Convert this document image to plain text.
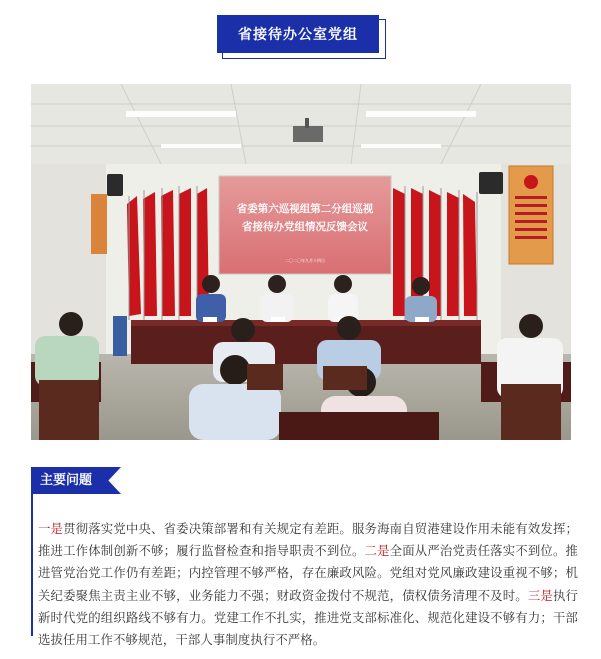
省接待办公室党组
省委第六巡视组第二分组巡视
省接待办党组情况反馈会议
二〇二〇年九月十四日
主要问题
一是贯彻落实党中央、省委决策部署和有关规定有差距。服务海南自贸港建设作用未能有效发挥；推进工作体制创新不够；履行监督检查和指导职责不到位。二是全面从严治党责任落实不到位。推进管党治党工作仍有差距；内控管理不够严格，存在廉政风险。党组对党风廉政建设重视不够；机关纪委聚焦主责主业不够，业务能力不强；财政资金拨付不规范，债权债务清理不及时。三是执行新时代党的组织路线不够有力。党建工作不扎实，推进党支部标准化、规范化建设不够有力；干部选拔任用工作不够规范，干部人事制度执行不严格。
